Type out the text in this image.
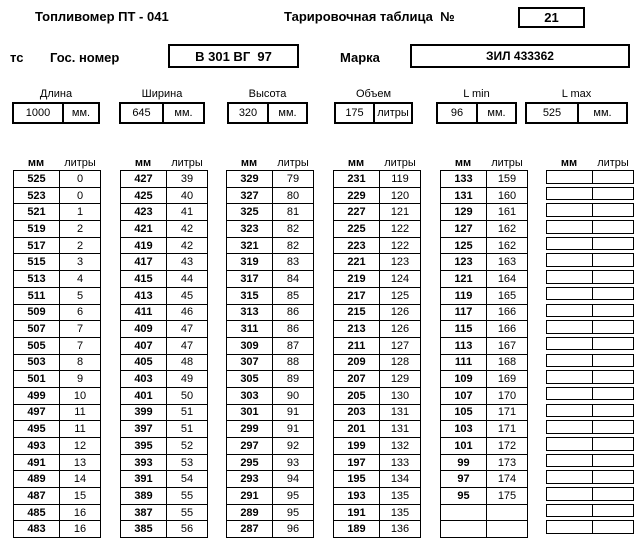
Топливомер ПТ - 041	Тарировочная таблица  №	21
тс Гос. номер	В 301 ВГ  97	Марка	ЗИЛ 433362
Длина
1000	мм.
Ширина
645	мм.
Высота
320	мм.
Объем
175	литры
L min
96	мм.
L max
525	мм.
мм	литры
525	0
523	0
521	1
519	2
517	2
515	3
513	4
511	5
509	6
507	7
505	7
503	8
501	9
499	10
497	11
495	11
493	12
491	13
489	14
487	15
485	16
483	16
мм	литры
427	39
425	40
423	41
421	42
419	42
417	43
415	44
413	45
411	46
409	47
407	47
405	48
403	49
401	50
399	51
397	51
395	52
393	53
391	54
389	55
387	55
385	56
мм	литры
329	79
327	80
325	81
323	82
321	82
319	83
317	84
315	85
313	86
311	86
309	87
307	88
305	89
303	90
301	91
299	91
297	92
295	93
293	94
291	95
289	95
287	96
мм	литры
231	119
229	120
227	121
225	122
223	122
221	123
219	124
217	125
215	126
213	126
211	127
209	128
207	129
205	130
203	131
201	131
199	132
197	133
195	134
193	135
191	135
189	136
мм	литры
133	159
131	160
129	161
127	162
125	162
123	163
121	164
119	165
117	166
115	166
113	167
111	168
109	169
107	170
105	171
103	171
101	172
99	173
97	174
95	175
мм	литры
